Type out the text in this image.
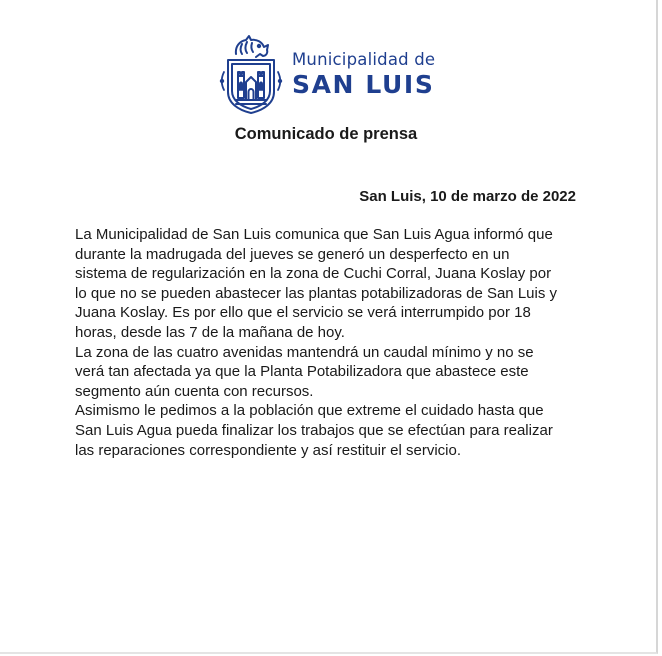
Municipalidad de
SAN LUIS
Comunicado de prensa
San Luis, 10 de marzo de 2022
La Municipalidad de San Luis comunica que San Luis Agua informó que
durante la madrugada del jueves se generó un desperfecto en un
sistema de regularización en la zona de Cuchi Corral, Juana Koslay por
lo que no se pueden abastecer las plantas potabilizadoras de San Luis y
Juana Koslay. Es por ello que el servicio se verá interrumpido por 18
horas, desde las 7 de la mañana de hoy.
La zona de las cuatro avenidas mantendrá un caudal mínimo y no se
verá tan afectada ya que la Planta Potabilizadora que abastece este
segmento aún cuenta con recursos.
Asimismo le pedimos a la población que extreme el cuidado hasta que
San Luis Agua pueda finalizar los trabajos que se efectúan para realizar
las reparaciones correspondiente y así restituir el servicio.
